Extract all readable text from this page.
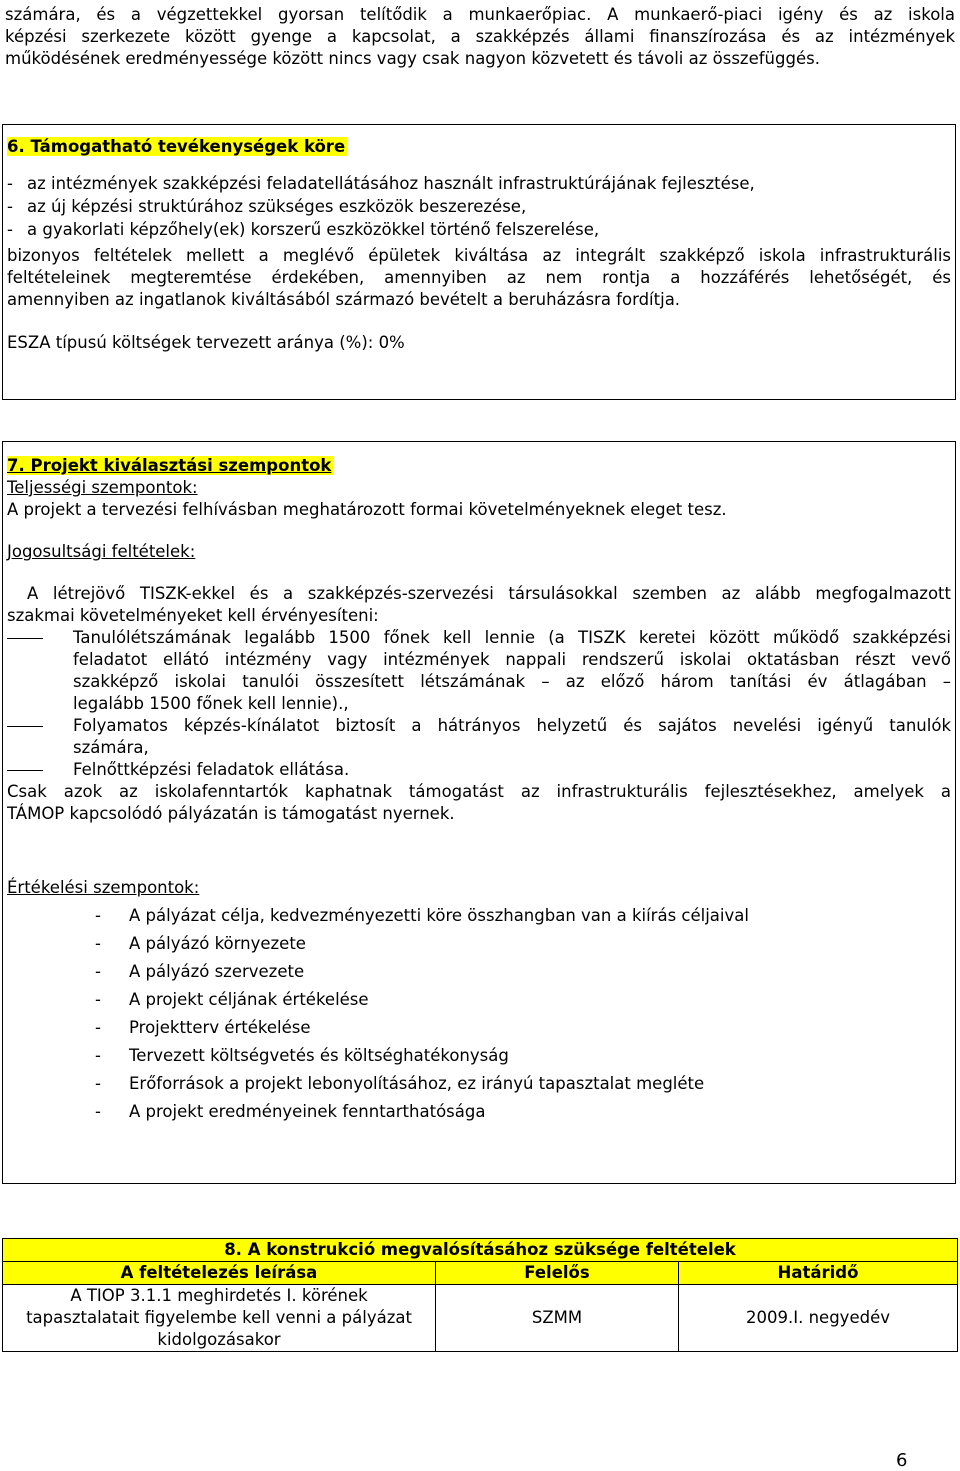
számára, és a végzettekkel gyorsan telítődik a munkaerőpiac. A munkaerő-piaci igény és az iskola
képzési szerkezete között gyenge a kapcsolat, a szakképzés állami finanszírozása és az intézmények
működésének eredményessége között nincs vagy csak nagyon közvetett és távoli az összefüggés.
6. Támogatható tevékenységek köre
- az intézmények szakképzési feladatellátásához használt infrastruktúrájának fejlesztése,
- az új képzési struktúrához szükséges eszközök beszerezése,
- a gyakorlati képzőhely(ek) korszerű eszközökkel történő felszerelése,
bizonyos feltételek mellett a meglévő épületek kiváltása az integrált szakképző iskola infrastrukturális
feltételeinek megteremtése érdekében, amennyiben az nem rontja a hozzáférés lehetőségét, és
amennyiben az ingatlanok kiváltásából származó bevételt a beruházásra fordítja.
ESZA típusú költségek tervezett aránya (%): 0%
7. Projekt kiválasztási szempontok
Teljességi szempontok:
A projekt a tervezési felhívásban meghatározott formai követelményeknek eleget tesz.
Jogosultsági feltételek:
A létrejövő TISZK-ekkel és a szakképzés-szervezési társulásokkal szemben az alább megfogalmazott
szakmai követelményeket kell érvényesíteni:
Tanulólétszámának legalább 1500 főnek kell lennie (a TISZK keretei között működő szakképzési
feladatot ellátó intézmény vagy intézmények nappali rendszerű iskolai oktatásban részt vevő
szakképző iskolai tanulói összesített létszámának – az előző három tanítási év átlagában –
legalább 1500 főnek kell lennie).,
Folyamatos képzés-kínálatot biztosít a hátrányos helyzetű és sajátos nevelési igényű tanulók
számára,
Felnőttképzési feladatok ellátása.
Csak azok az iskolafenntartók kaphatnak támogatást az infrastrukturális fejlesztésekhez, amelyek a
TÁMOP kapcsolódó pályázatán is támogatást nyernek.
Értékelési szempontok:
-	A pályázat célja, kedvezményezetti köre összhangban van a kiírás céljaival
-	A pályázó környezete
-	A pályázó szervezete
-	A projekt céljának értékelése
-	Projektterv értékelése
-	Tervezett költségvetés és költséghatékonyság
-	Erőforrások a projekt lebonyolításához, ez irányú tapasztalat megléte
-	A projekt eredményeinek fenntarthatósága
8. A konstrukció megvalósításához szüksége feltételek		
A feltételezés leírása	Felelős	Határidő

A TIOP 3.1.1 meghirdetés I. körének
tapasztalatait figyelembe kell venni a pályázat
kidolgozásakor	SZMM	2009.I. negyedév
6
